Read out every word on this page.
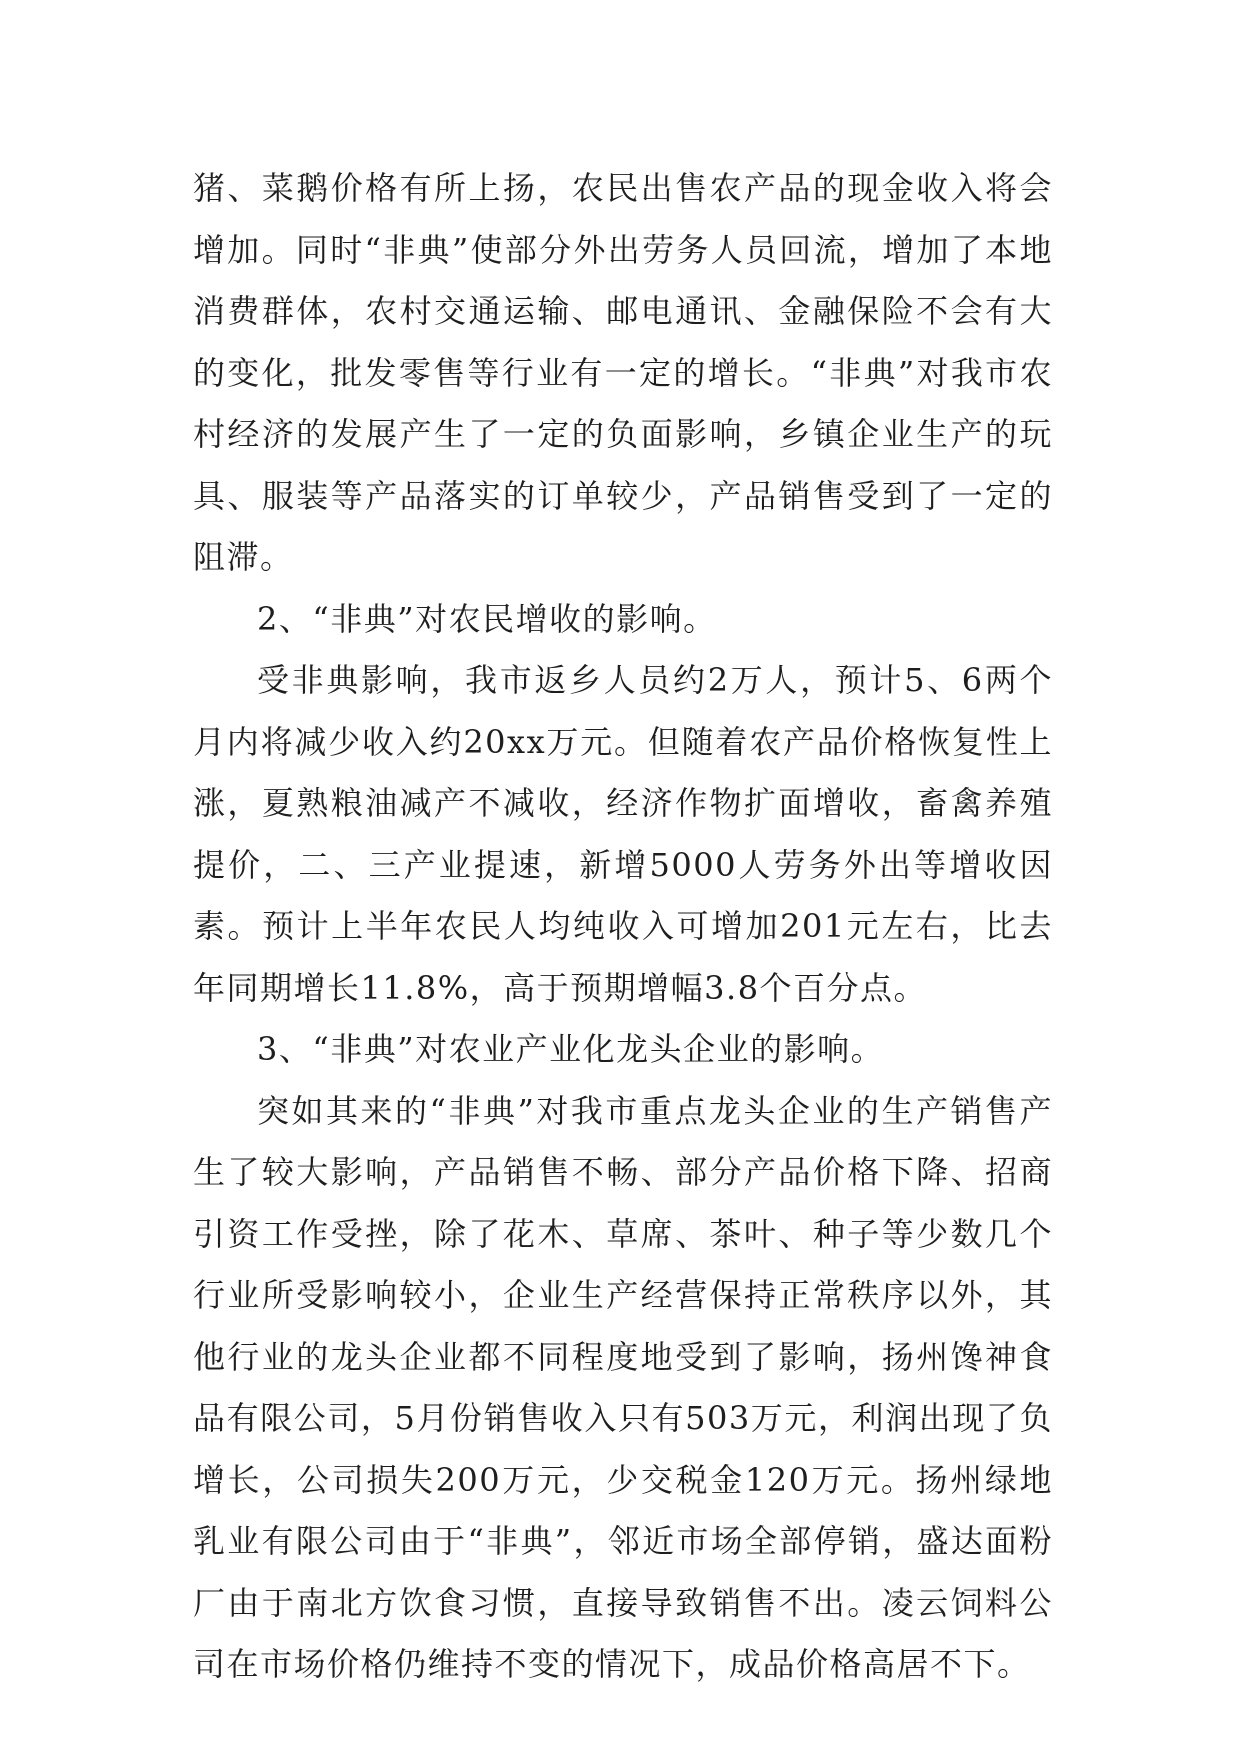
猪、菜鹅价格有所上扬，农民出售农产品的现金收入将会增加。同时“非典”使部分外出劳务人员回流，增加了本地消费群体，农村交通运输、邮电通讯、金融保险不会有大的变化，批发零售等行业有一定的增长。“非典”对我市农村经济的发展产生了一定的负面影响，乡镇企业生产的玩具、服装等产品落实的订单较少，产品销售受到了一定的阻滞。

2、“非典”对农民增收的影响。

受非典影响，我市返乡人员约2万人，预计5、6两个月内将减少收入约20xx万元。但随着农产品价格恢复性上涨，夏熟粮油减产不减收，经济作物扩面增收，畜禽养殖提价，二、三产业提速，新增5000人劳务外出等增收因素。预计上半年农民人均纯收入可增加201元左右，比去年同期增长11.8%，高于预期增幅3.8个百分点。

3、“非典”对农业产业化龙头企业的影响。

突如其来的“非典”对我市重点龙头企业的生产销售产生了较大影响，产品销售不畅、部分产品价格下降、招商引资工作受挫，除了花木、草席、茶叶、种子等少数几个行业所受影响较小，企业生产经营保持正常秩序以外，其他行业的龙头企业都不同程度地受到了影响，扬州馋神食品有限公司，5月份销售收入只有503万元，利润出现了负增长，公司损失200万元，少交税金120万元。扬州绿地乳业有限公司由于“非典”，邻近市场全部停销，盛达面粉厂由于南北方饮食习惯，直接导致销售不出。凌云饲料公司在市场价格仍维持不变的情况下，成品价格高居不下。
